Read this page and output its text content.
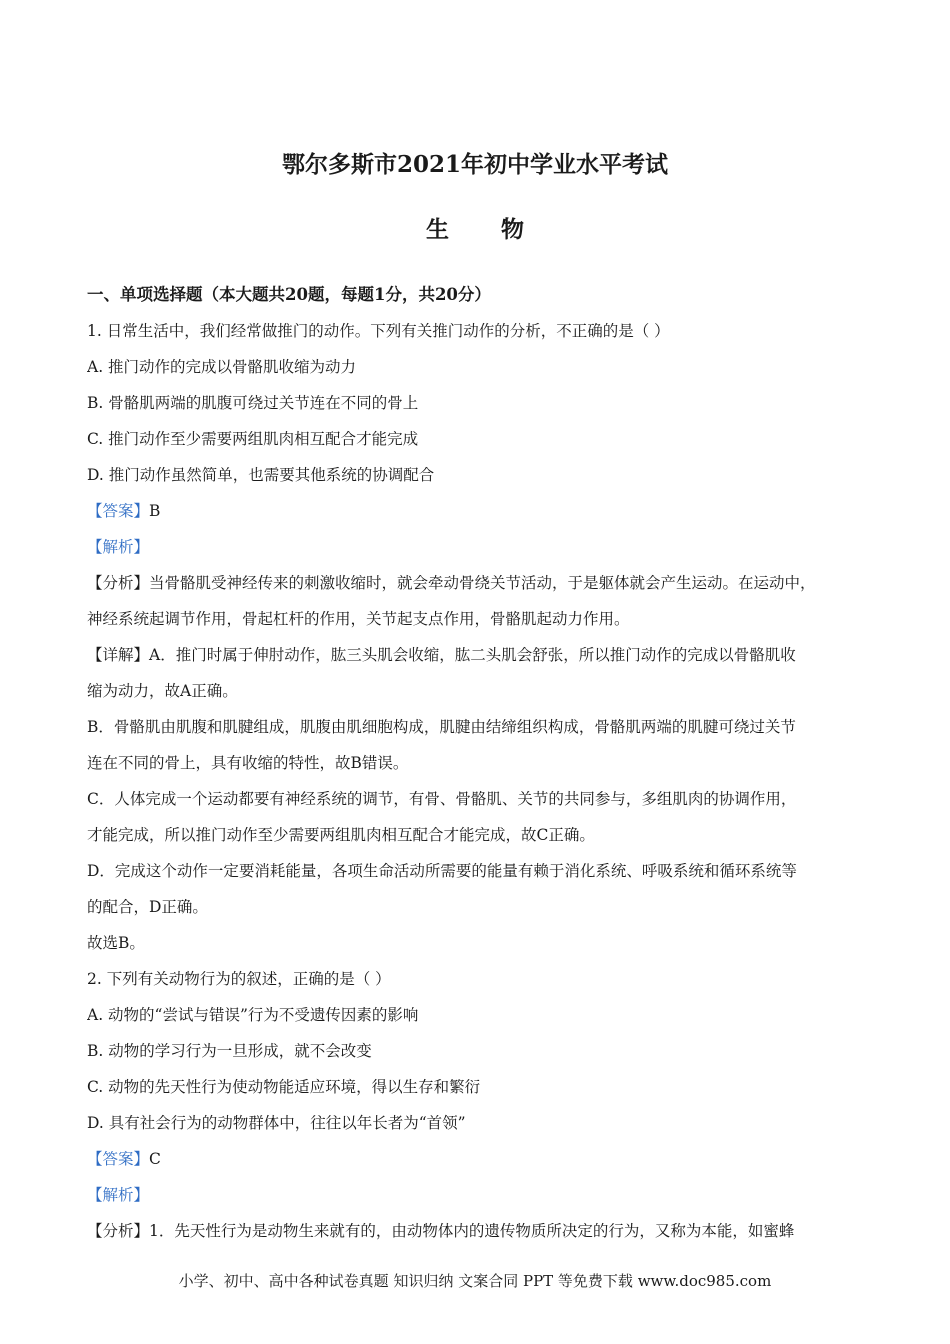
鄂尔多斯市2021年初中学业水平考试
生 物
一、单项选择题（本大题共20题，每题1分，共20分）
1. 日常生活中，我们经常做推门的动作。下列有关推门动作的分析，不正确的是（ ）
A. 推门动作的完成以骨骼肌收缩为动力
B. 骨骼肌两端的肌腹可绕过关节连在不同的骨上
C. 推门动作至少需要两组肌肉相互配合才能完成
D. 推门动作虽然简单，也需要其他系统的协调配合
【答案】B
【解析】
【分析】当骨骼肌受神经传来的刺激收缩时，就会牵动骨绕关节活动，于是躯体就会产生运动。在运动中，
神经系统起调节作用，骨起杠杆的作用，关节起支点作用，骨骼肌起动力作用。
【详解】A．推门时属于伸肘动作，肱三头肌会收缩，肱二头肌会舒张，所以推门动作的完成以骨骼肌收
缩为动力，故A正确。
B．骨骼肌由肌腹和肌腱组成，肌腹由肌细胞构成，肌腱由结缔组织构成，骨骼肌两端的肌腱可绕过关节
连在不同的骨上，具有收缩的特性，故B错误。
C．人体完成一个运动都要有神经系统的调节，有骨、骨骼肌、关节的共同参与，多组肌肉的协调作用，
才能完成，所以推门动作至少需要两组肌肉相互配合才能完成，故C正确。
D．完成这个动作一定要消耗能量，各项生命活动所需要的能量有赖于消化系统、呼吸系统和循环系统等
的配合，D正确。
故选B。
2. 下列有关动物行为的叙述，正确的是（ ）
A. 动物的“尝试与错误”行为不受遗传因素的影响
B. 动物的学习行为一旦形成，就不会改变
C. 动物的先天性行为使动物能适应环境，得以生存和繁衍
D. 具有社会行为的动物群体中，往往以年长者为“首领”
【答案】C
【解析】
【分析】1．先天性行为是动物生来就有的，由动物体内的遗传物质所决定的行为，又称为本能，如蜜蜂
小学、初中、高中各种试卷真题 知识归纳 文案合同 PPT 等免费下载 www.doc985.com
